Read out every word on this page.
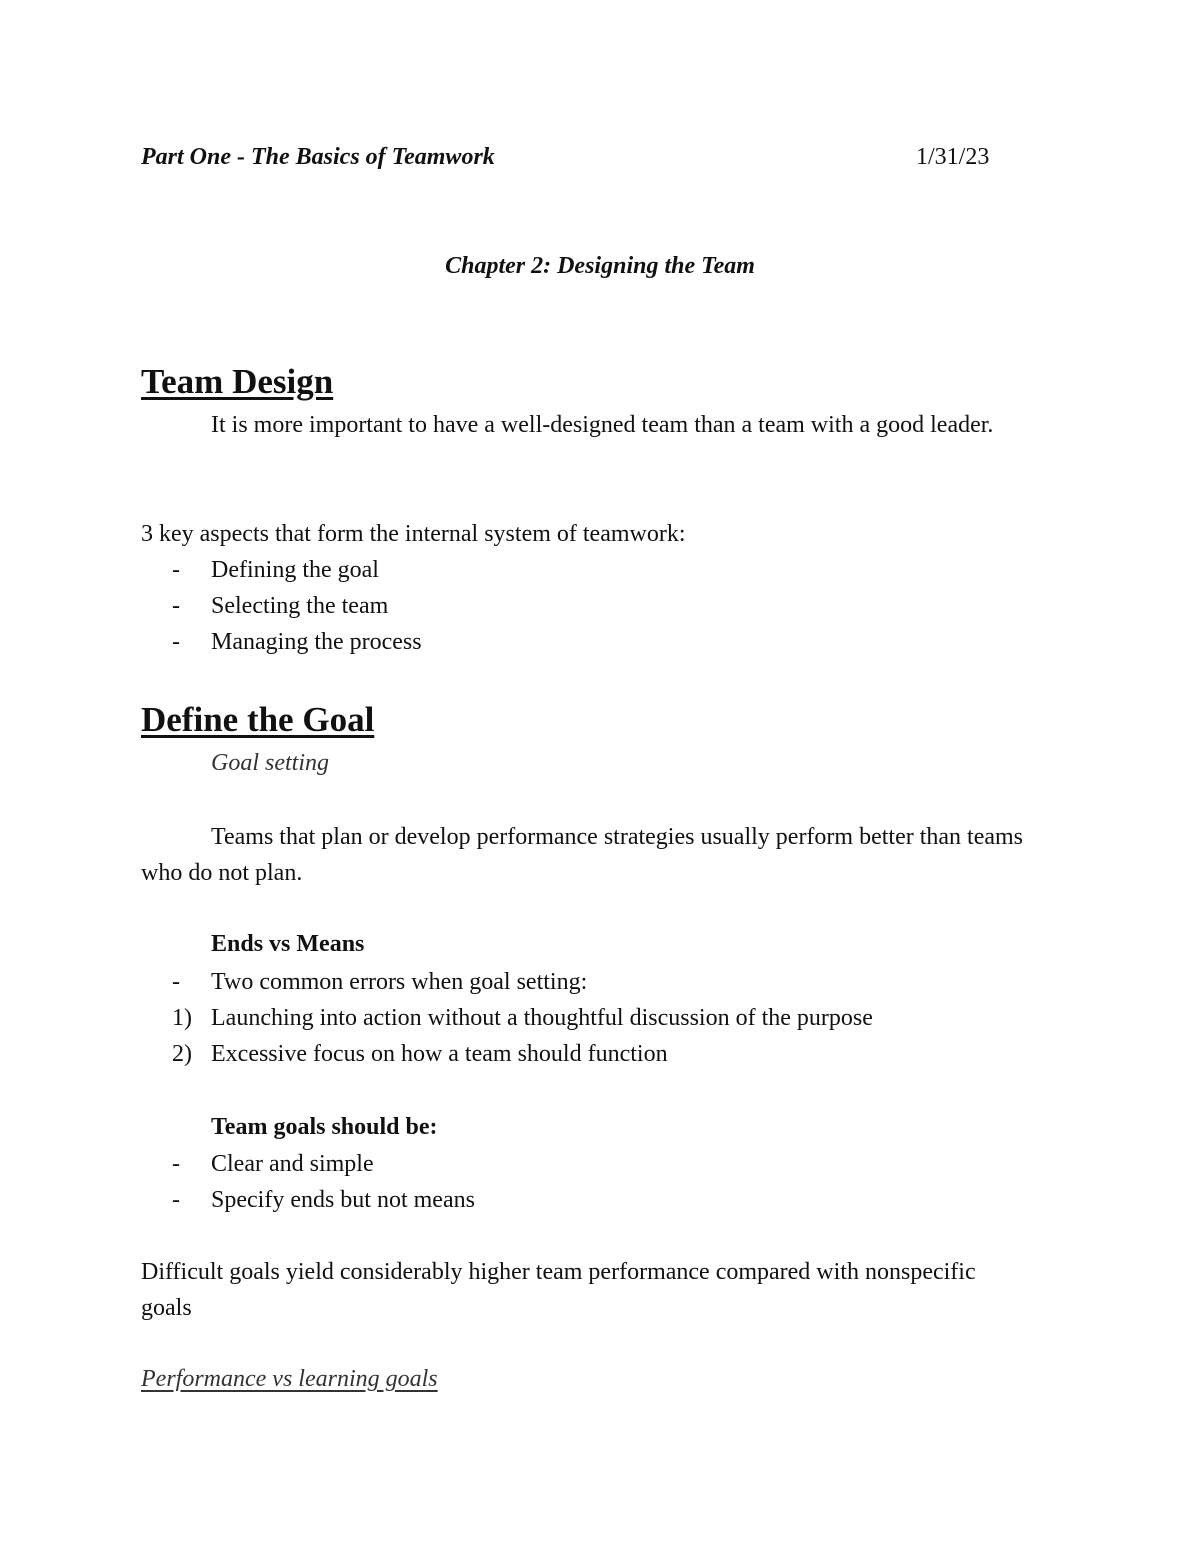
Part One - The Basics of Teamwork	1/31/23

Chapter 2: Designing the Team

Team Design

It is more important to have a well-designed team than a team with a good leader.

3 key aspects that form the internal system of teamwork:

- Defining the goal
- Selecting the team
- Managing the process
Define the Goal

Goal setting

Teams that plan or develop performance strategies usually perform better than teams who do not plan.

Ends vs Means

- Two common errors when goal setting:
1) Launching into action without a thoughtful discussion of the purpose
2) Excessive focus on how a team should function

Team goals should be:

- Clear and simple
- Specify ends but not means

Difficult goals yield considerably higher team performance compared with nonspecific goals

Performance vs learning goals
